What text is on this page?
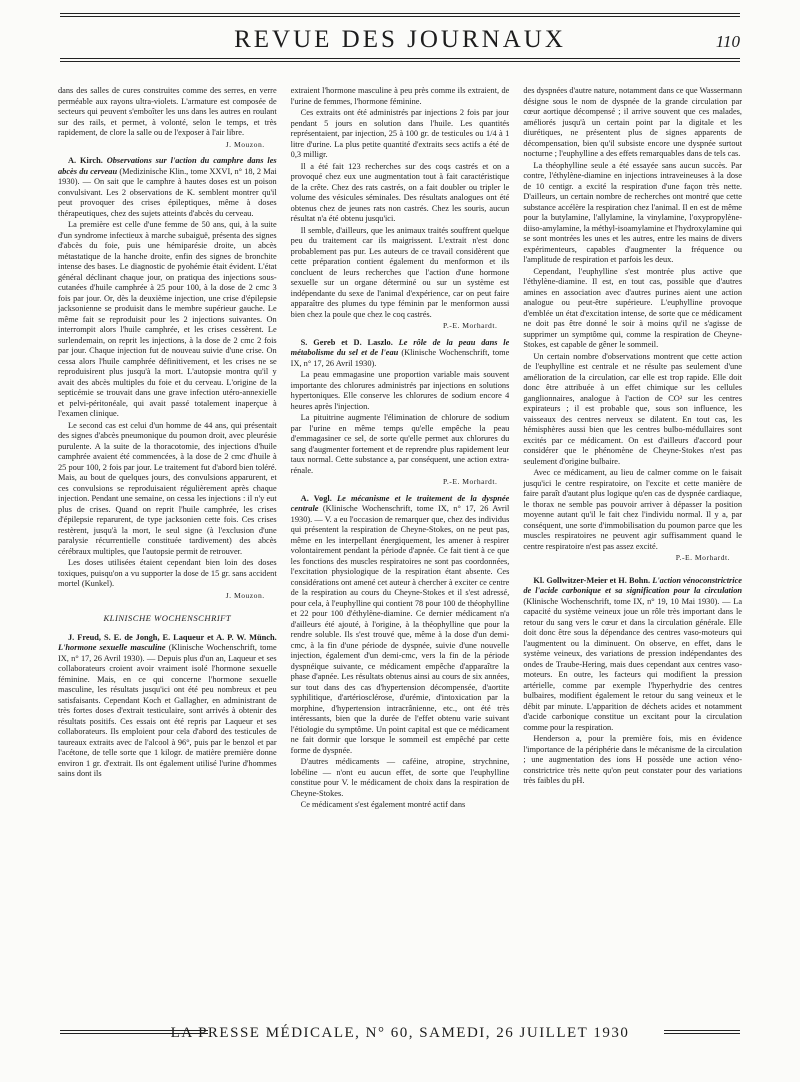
REVUE DES JOURNAUX	110

dans des salles de cures construites comme des serres, en verre perméable aux rayons ultra-violets. L'armature est composée de secteurs qui peuvent s'emboîter les uns dans les autres en roulant sur des rails, et permet, à volonté, selon le temps, et très rapidement, de clore la salle ou de l'exposer à l'air libre.

J. Mouzon.

A. Kirch. Observations sur l'action du camphre dans les abcès du cerveau (Medizinische Klin., tome XXVI, n° 18, 2 Mai 1930). — On sait que le camphre à hautes doses est un poison convulsivant. Les 2 observations de K. semblent montrer qu'il peut provoquer des crises épileptiques, même à doses thérapeutiques, chez des sujets atteints d'abcès du cerveau.

La première est celle d'une femme de 50 ans, qui, à la suite d'un syndrome infectieux à marche subaiguë, présenta des signes d'abcès du foie, puis une hémiparésie droite, un abcès métastatique de la hanche droite, enfin des signes de bronchite intense des bases. Le diagnostic de pyohémie était évident. L'état général déclinant chaque jour, on pratiqua des injections sous-cutanées d'huile camphrée à 25 pour 100, à la dose de 2 cmc 3 fois par jour. Or, dès la deuxième injection, une crise d'épilepsie jacksonienne se produisit dans le membre supérieur gauche. Le même fait se reproduisit pour les 2 injections suivantes. On interrompit alors l'huile camphrée, et les crises cessèrent. Le surlendemain, on reprit les injections, à la dose de 2 cmc 2 fois par jour. Chaque injection fut de nouveau suivie d'une crise. On cessa alors l'huile camphrée définitivement, et les crises ne se reproduisirent plus jusqu'à la mort. L'autopsie montra qu'il y avait des abcès multiples du foie et du cerveau. L'origine de la septicémie se trouvait dans une grave infection utéro-annexielle et pelvi-péritonéale, qui avait passé totalement inaperçue à l'examen clinique.

Le second cas est celui d'un homme de 44 ans, qui présentait des signes d'abcès pneumonique du poumon droit, avec pleurésie purulente. A la suite de la thoracotomie, des injections d'huile camphrée avaient été commencées, à la dose de 2 cmc d'huile à 25 pour 100, 2 fois par jour. Le traitement fut d'abord bien toléré. Mais, au bout de quelques jours, des convulsions apparurent, et ces convulsions se reproduisaient régulièrement après chaque injection. Pendant une semaine, on cessa les injections : il n'y eut plus de crises. Quand on reprit l'huile camphrée, les crises d'épilepsie reparurent, de type jacksonien cette fois. Ces crises restèrent, jusqu'à la mort, le seul signe (à l'exclusion d'une paralysie récurrentielle constituée tardivement) des abcès cérébraux multiples, que l'autopsie permit de retrouver.

Les doses utilisées étaient cependant bien loin des doses toxiques, puisqu'on a vu supporter la dose de 15 gr. sans accident mortel (Kunkel).

J. Mouzon.
KLINISCHE WOCHENSCHRIFT

J. Freud, S. E. de Jongh, E. Laqueur et A. P. W. Münch. L'hormone sexuelle masculine (Klinische Wochenschrift, tome IX, n° 17, 26 Avril 1930). — Depuis plus d'un an, Laqueur et ses collaborateurs croient avoir vraiment isolé l'hormone sexuelle féminine. Mais, en ce qui concerne l'hormone sexuelle masculine, les résultats jusqu'ici ont été peu nombreux et peu satisfaisants. Cependant Koch et Gallagher, en administrant de très fortes doses d'extrait testiculaire, sont arrivés à obtenir des résultats positifs. Ces essais ont été repris par Laqueur et ses collaborateurs. Ils emploient pour cela d'abord des testicules de taureaux extraits avec de l'alcool à 96°, puis par le benzol et par l'acétone, de telle sorte que 1 kilogr. de matière première donne environ 1 gr. d'extrait. Ils ont également utilisé l'urine d'hommes sains dont ils

extraient l'hormone masculine à peu près comme ils extraient, de l'urine de femmes, l'hormone féminine.

Ces extraits ont été administrés par injections 2 fois par jour pendant 5 jours en solution dans l'huile. Les quantités représentaient, par injection, 25 à 100 gr. de testicules ou 1/4 à 1 litre d'urine. La plus petite quantité d'extraits secs actifs a été de 0,3 milligr.

Il a été fait 123 recherches sur des coqs castrés et on a provoqué chez eux une augmentation tout à fait caractéristique de la crête. Chez des rats castrés, on a fait doubler ou tripler le volume des vésicules séminales. Des résultats analogues ont été obtenus chez de jeunes rats non castrés. Chez les souris, aucun résultat n'a été obtenu jusqu'ici.

Il semble, d'ailleurs, que les animaux traités souffrent quelque peu du traitement car ils maigrissent. L'extrait n'est donc probablement pas pur. Les auteurs de ce travail considèrent que cette préparation contient également du menformon et ils concluent de leurs recherches que l'action d'une hormone sexuelle sur un organe déterminé ou sur un système est indépendante du sexe de l'animal d'expérience, car on peut faire apparaître des plumes du type féminin par le menformon aussi bien chez la poule que chez le coq castrés.

P.-E. Morhardt.

S. Gereb et D. Laszlo. Le rôle de la peau dans le métabolisme du sel et de l'eau (Klinische Wochenschrift, tome IX, n° 17, 26 Avril 1930).

La peau emmagasine une proportion variable mais souvent importante des chlorures administrés par injections en solutions hypertoniques. Elle conserve les chlorures de sodium encore 4 heures après l'injection.

La pituitrine augmente l'élimination de chlorure de sodium par l'urine en même temps qu'elle empêche la peau d'emmagasiner ce sel, de sorte qu'elle permet aux chlorures du sang d'augmenter fortement et de reprendre plus rapidement leur taux normal. Cette substance a, par conséquent, une action extra-rénale.

P.-E. Morhardt.

A. Vogl. Le mécanisme et le traitement de la dyspnée centrale (Klinische Wochenschrift, tome IX, n° 17, 26 Avril 1930). — V. a eu l'occasion de remarquer que, chez des individus qui présentent la respiration de Cheyne-Stokes, on ne peut pas, même en les interpellant énergiquement, les amener à respirer volontairement pendant la période d'apnée. Ce fait tient à ce que les fonctions des muscles respiratoires ne sont pas coordonnées, l'excitation physiologique de la respiration étant absente. Ces considérations ont amené cet auteur à chercher à exciter ce centre de la respiration au cours du Cheyne-Stokes et il s'est adressé, pour cela, à l'euphylline qui contient 78 pour 100 de théophylline et 22 pour 100 d'éthylène-diamine. Ce dernier médicament n'a d'ailleurs été ajouté, à l'origine, à la théophylline que pour la rendre soluble. Ils s'est trouvé que, même à la dose d'un demi-cmc, à la fin d'une période de dyspnée, suivie d'une nouvelle injection, également d'un demi-cmc, vers la fin de la période dyspnéique suivante, ce médicament empêche d'apparaître la phase d'apnée. Les résultats obtenus ainsi au cours de six années, sur tout dans des cas d'hypertension décompensée, d'aortite syphilitique, d'artériosclérose, d'urémie, d'intoxication par la morphine, d'hypertension intracrânienne, etc., ont été très intéressants, bien que la durée de l'effet obtenu varie suivant l'étiologie du symptôme. Un point capital est que ce médicament ne fait dormir que lorsque le sommeil est empêché par cette forme de dyspnée.

D'autres médicaments — caféine, atropine, strychnine, lobéline — n'ont eu aucun effet, de sorte que l'euphylline constitue pour V. le médicament de choix dans la respiration de Cheyne-Stokes.

Ce médicament s'est également montré actif dans

des dyspnées d'autre nature, notamment dans ce que Wassermann désigne sous le nom de dyspnée de la grande circulation par cœur aortique décompensé ; il arrive souvent que ces malades, améliorés jusqu'à un certain point par la digitale et les diurétiques, ne présentent plus de signes apparents de décompensation, bien qu'il subsiste encore une dyspnée surtout nocturne ; l'euphylline a des effets remarquables dans de tels cas.

La théophylline seule a été essayée sans aucun succès. Par contre, l'éthylène-diamine en injections intraveineuses à la dose de 10 centigr. a excité la respiration d'une façon très nette. D'ailleurs, un certain nombre de recherches ont montré que cette substance accélère la respiration chez l'animal. Il en est de même pour la butylamine, l'allylamine, la vinylamine, l'oxypropylène-diiso-amylamine, la méthyl-isoamylamine et l'hydroxylamine qui se sont montrées les unes et les autres, entre les mains de divers expérimenteurs, capables d'augmenter la fréquence ou l'amplitude de respiration et parfois les deux.

Cependant, l'euphylline s'est montrée plus active que l'éthylène-diamine. Il est, en tout cas, possible que d'autres amines en association avec d'autres purines aient une action analogue ou peut-être supérieure. L'euphylline provoque d'emblée un état d'excitation intense, de sorte que ce médicament ne doit pas être donné le soir à moins qu'il ne s'agisse de supprimer un symptôme qui, comme la respiration de Cheyne-Stokes, est capable de gêner le sommeil.

Un certain nombre d'observations montrent que cette action de l'euphylline est centrale et ne résulte pas seulement d'une amélioration de la circulation, car elle est trop rapide. Elle doit donc être attribuée à un effet chimique sur les cellules ganglionnaires, analogue à l'action de CO² sur les centres expirateurs ; il est probable que, sous son influence, les vaisseaux des centres nerveux se dilatent. En tout cas, les hémisphères aussi bien que les centres bulbo-médullaires sont excités par ce médicament. On est d'ailleurs d'accord pour considérer que le phénomène de Cheyne-Stokes n'est pas seulement d'origine bulbaire.

Avec ce médicament, au lieu de calmer comme on le faisait jusqu'ici le centre respiratoire, on l'excite et cette manière de faire paraît d'autant plus logique qu'en cas de dyspnée cardiaque, le thorax ne semble pas pouvoir arriver à dépasser la position moyenne autant qu'il le fait chez l'individu normal. Il y a, par conséquent, une sorte d'immobilisation du poumon parce que les muscles respiratoires ne peuvent agir suffisamment quand le centre respiratoire n'est pas assez excité.

P.-E. Morhardt.

Kl. Gollwitzer-Meier et H. Bohn. L'action vénoconstrictrice de l'acide carbonique et sa signification pour la circulation (Klinische Wochenschrift, tome IX, n° 19, 10 Mai 1930). — La capacité du système veineux joue un rôle très important dans le retour du sang vers le cœur et dans la circulation générale. Elle doit donc être sous la dépendance des centres vaso-moteurs qui l'augmentent ou la diminuent. On observe, en effet, dans le système veineux, des variations de pression indépendantes des ondes de Traube-Hering, mais dues cependant aux centres vaso-moteurs. En outre, les facteurs qui modifient la pression artérielle, comme par exemple l'hyperhydrie des centres bulbaires, modifient également le retour du sang veineux et le débit par minute. L'apparition de déchets acides et notamment d'acide carbonique constitue un excitant pour la circulation comme pour la respiration.

Henderson a, pour la première fois, mis en évidence l'importance de la périphérie dans le mécanisme de la circulation ; une augmentation des ions H possède une action véno-constrictrice très nette qu'on peut constater pour des variations très faibles du pH.

LA PRESSE MÉDICALE, N° 60, SAMEDI, 26 JUILLET 1930
